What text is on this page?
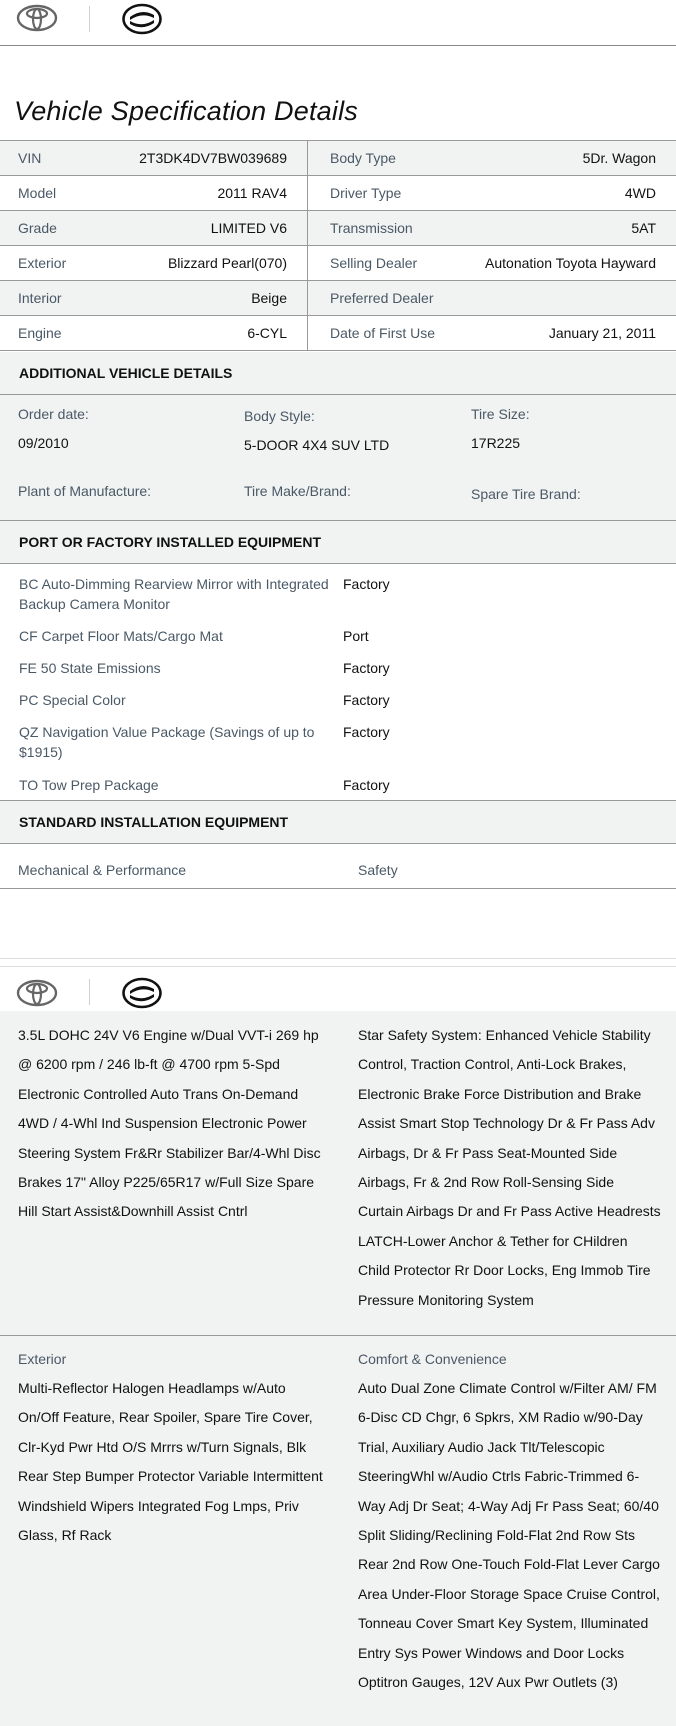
Vehicle Specification Details
VIN	2T3DK4DV7BW039689	Body Type	5Dr. Wagon
Model	2011 RAV4	Driver Type	4WD
Grade	LIMITED V6	Transmission	5AT
Exterior	Blizzard Pearl(070)	Selling Dealer	Autonation Toyota Hayward
Interior	Beige	Preferred Dealer
Engine	6-CYL	Date of First Use	January 21, 2011
ADDITIONAL VEHICLE DETAILS
Order date:
09/2010
Body Style:
5-DOOR 4X4 SUV LTD
Tire Size:
17R225
Plant of Manufacture:	Tire Make/Brand:	Spare Tire Brand:
PORT OR FACTORY INSTALLED EQUIPMENT
BC Auto-Dimming Rearview Mirror with Integrated Backup Camera Monitor
Factory
CF Carpet Floor Mats/Cargo Mat	Port
FE 50 State Emissions	Factory
PC Special Color	Factory
QZ Navigation Value Package (Savings of up to $1915)
Factory
TO Tow Prep Package	Factory
STANDARD INSTALLATION EQUIPMENT
Mechanical & Performance	Safety

3.5L DOHC 24V V6 Engine w/Dual VVT-i 269 hp @ 6200 rpm / 246 lb-ft @ 4700 rpm 5-Spd Electronic Controlled Auto Trans On-Demand 4WD / 4-Whl Ind Suspension Electronic Power Steering System Fr&Rr Stabilizer Bar/4-Whl Disc Brakes 17" Alloy P225/65R17 w/Full Size Spare Hill Start Assist&Downhill Assist Cntrl

Star Safety System: Enhanced Vehicle Stability Control, Traction Control, Anti-Lock Brakes, Electronic Brake Force Distribution and Brake Assist Smart Stop Technology Dr & Fr Pass Adv Airbags, Dr & Fr Pass Seat-Mounted Side Airbags, Fr & 2nd Row Roll-Sensing Side Curtain Airbags Dr and Fr Pass Active Headrests LATCH-Lower Anchor & Tether for CHildren Child Protector Rr Door Locks, Eng Immob Tire Pressure Monitoring System

Exterior	Comfort & Convenience

Multi-Reflector Halogen Headlamps w/Auto On/Off Feature, Rear Spoiler, Spare Tire Cover, Clr-Kyd Pwr Htd O/S Mrrrs w/Turn Signals, Blk Rear Step Bumper Protector Variable Intermittent Windshield Wipers Integrated Fog Lmps, Priv Glass, Rf Rack

Auto Dual Zone Climate Control w/Filter AM/ FM 6-Disc CD Chgr, 6 Spkrs, XM Radio w/90-Day Trial, Auxiliary Audio Jack Tlt/Telescopic SteeringWhl w/Audio Ctrls Fabric-Trimmed 6-Way Adj Dr Seat; 4-Way Adj Fr Pass Seat; 60/40 Split Sliding/Reclining Fold-Flat 2nd Row Sts Rear 2nd Row One-Touch Fold-Flat Lever Cargo Area Under-Floor Storage Space Cruise Control, Tonneau Cover Smart Key System, Illuminated Entry Sys Power Windows and Door Locks Optitron Gauges, 12V Aux Pwr Outlets (3)
